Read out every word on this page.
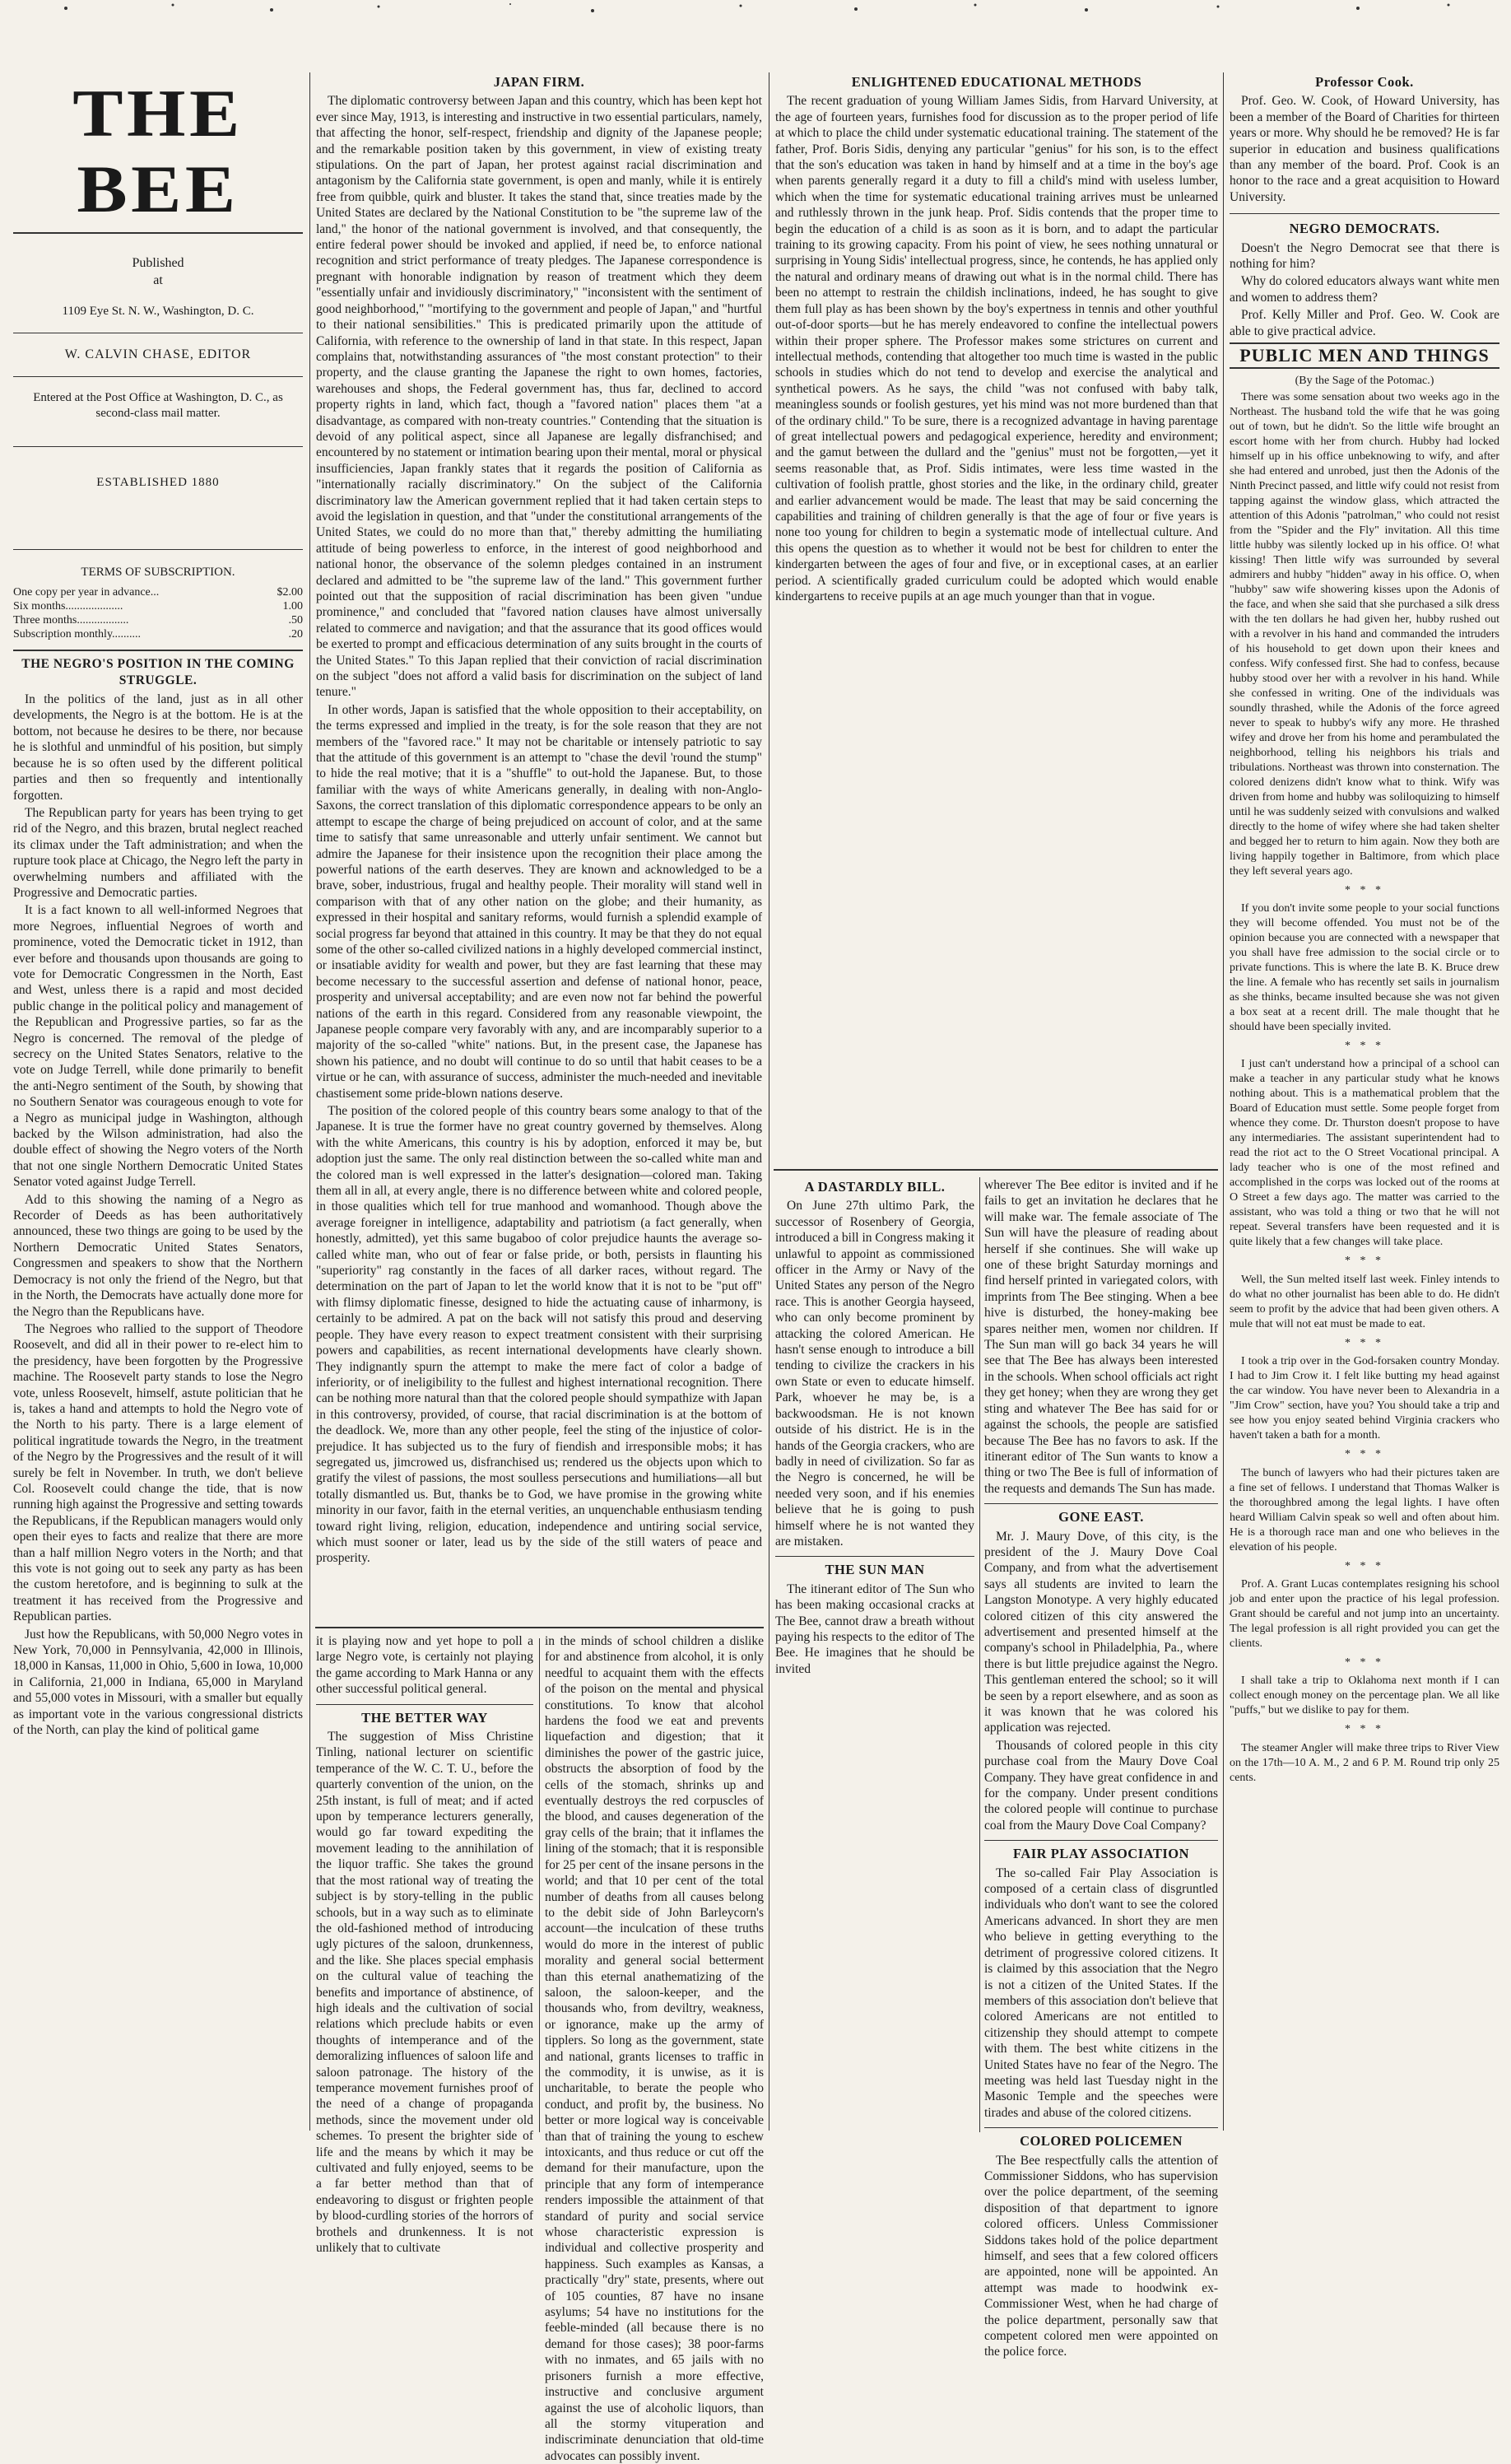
THE BEE

Published

at

1109 Eye St. N. W., Washington, D. C.

W. CALVIN CHASE, EDITOR

Entered at the Post Office at Washington, D. C., as second-class mail matter.

ESTABLISHED 1880

TERMS OF SUBSCRIPTION.

One copy per year in advance...	$2.00
Six months....................	1.00
Three months..................	.50
Subscription monthly..........	.20
THE NEGRO'S POSITION IN THE COMING STRUGGLE.

In the politics of the land, just as in all other developments, the Negro is at the bottom. He is at the bottom, not because he desires to be there, nor because he is slothful and unmindful of his position, but simply because he is so often used by the different political parties and then so frequently and intentionally forgotten.

The Republican party for years has been trying to get rid of the Negro, and this brazen, brutal neglect reached its climax under the Taft administration; and when the rupture took place at Chicago, the Negro left the party in overwhelming numbers and affiliated with the Progressive and Democratic parties.

It is a fact known to all well-informed Negroes that more Negroes, influential Negroes of worth and prominence, voted the Democratic ticket in 1912, than ever before and thousands upon thousands are going to vote for Democratic Congressmen in the North, East and West, unless there is a rapid and most decided public change in the political policy and management of the Republican and Progressive parties, so far as the Negro is concerned. The removal of the pledge of secrecy on the United States Senators, relative to the vote on Judge Terrell, while done primarily to benefit the anti-Negro sentiment of the South, by showing that no Southern Senator was courageous enough to vote for a Negro as municipal judge in Washington, although backed by the Wilson administration, had also the double effect of showing the Negro voters of the North that not one single Northern Democratic United States Senator voted against Judge Terrell.

Add to this showing the naming of a Negro as Recorder of Deeds as has been authoritatively announced, these two things are going to be used by the Northern Democratic United States Senators, Congressmen and speakers to show that the Northern Democracy is not only the friend of the Negro, but that in the North, the Democrats have actually done more for the Negro than the Republicans have.

The Negroes who rallied to the support of Theodore Roosevelt, and did all in their power to re-elect him to the presidency, have been forgotten by the Progressive machine. The Roosevelt party stands to lose the Negro vote, unless Roosevelt, himself, astute politician that he is, takes a hand and attempts to hold the Negro vote of the North to his party. There is a large element of political ingratitude towards the Negro, in the treatment of the Negro by the Progressives and the result of it will surely be felt in November. In truth, we don't believe Col. Roosevelt could change the tide, that is now running high against the Progressive and setting towards the Republicans, if the Republican managers would only open their eyes to facts and realize that there are more than a half million Negro voters in the North; and that this vote is not going out to seek any party as has been the custom heretofore, and is beginning to sulk at the treatment it has received from the Progressive and Republican parties.

Just how the Republicans, with 50,000 Negro votes in New York, 70,000 in Pennsylvania, 42,000 in Illinois, 18,000 in Kansas, 11,000 in Ohio, 5,600 in Iowa, 10,000 in California, 21,000 in Indiana, 65,000 in Maryland and 55,000 votes in Missouri, with a smaller but equally as important vote in the various congressional districts of the North, can play the kind of political game

JAPAN FIRM.

The diplomatic controversy between Japan and this country, which has been kept hot ever since May, 1913, is interesting and instructive in two essential particulars, namely, that affecting the honor, self-respect, friendship and dignity of the Japanese people; and the remarkable position taken by this government, in view of existing treaty stipulations. On the part of Japan, her protest against racial discrimination and antagonism by the California state government, is open and manly, while it is entirely free from quibble, quirk and bluster. It takes the stand that, since treaties made by the United States are declared by the National Constitution to be "the supreme law of the land," the honor of the national government is involved, and that consequently, the entire federal power should be invoked and applied, if need be, to enforce national recognition and strict performance of treaty pledges. The Japanese correspondence is pregnant with honorable indignation by reason of treatment which they deem "essentially unfair and invidiously discriminatory," "inconsistent with the sentiment of good neighborhood," "mortifying to the government and people of Japan," and "hurtful to their national sensibilities." This is predicated primarily upon the attitude of California, with reference to the ownership of land in that state. In this respect, Japan complains that, notwithstanding assurances of "the most constant protection" to their property, and the clause granting the Japanese the right to own homes, factories, warehouses and shops, the Federal government has, thus far, declined to accord property rights in land, which fact, though a "favored nation" places them "at a disadvantage, as compared with non-treaty countries." Contending that the situation is devoid of any political aspect, since all Japanese are legally disfranchised; and encountered by no statement or intimation bearing upon their mental, moral or physical insufficiencies, Japan frankly states that it regards the position of California as "internationally racially discriminatory." On the subject of the California discriminatory law the American government replied that it had taken certain steps to avoid the legislation in question, and that "under the constitutional arrangements of the United States, we could do no more than that," thereby admitting the humiliating attitude of being powerless to enforce, in the interest of good neighborhood and national honor, the observance of the solemn pledges contained in an instrument declared and admitted to be "the supreme law of the land." This government further pointed out that the supposition of racial discrimination has been given "undue prominence," and concluded that "favored nation clauses have almost universally related to commerce and navigation; and that the assurance that its good offices would be exerted to prompt and efficacious determination of any suits brought in the courts of the United States." To this Japan replied that their conviction of racial discrimination on the subject "does not afford a valid basis for discrimination on the subject of land tenure."

In other words, Japan is satisfied that the whole opposition to their acceptability, on the terms expressed and implied in the treaty, is for the sole reason that they are not members of the "favored race." It may not be charitable or intensely patriotic to say that the attitude of this government is an attempt to "chase the devil 'round the stump" to hide the real motive; that it is a "shuffle" to out-hold the Japanese. But, to those familiar with the ways of white Americans generally, in dealing with non-Anglo-Saxons, the correct translation of this diplomatic correspondence appears to be only an attempt to escape the charge of being prejudiced on account of color, and at the same time to satisfy that same unreasonable and utterly unfair sentiment. We cannot but admire the Japanese for their insistence upon the recognition their place among the powerful nations of the earth deserves. They are known and acknowledged to be a brave, sober, industrious, frugal and healthy people. Their morality will stand well in comparison with that of any other nation on the globe; and their humanity, as expressed in their hospital and sanitary reforms, would furnish a splendid example of social progress far beyond that attained in this country. It may be that they do not equal some of the other so-called civilized nations in a highly developed commercial instinct, or insatiable avidity for wealth and power, but they are fast learning that these may become necessary to the successful assertion and defense of national honor, peace, prosperity and universal acceptability; and are even now not far behind the powerful nations of the earth in this regard. Considered from any reasonable viewpoint, the Japanese people compare very favorably with any, and are incomparably superior to a majority of the so-called "white" nations. But, in the present case, the Japanese has shown his patience, and no doubt will continue to do so until that habit ceases to be a virtue or he can, with assurance of success, administer the much-needed and inevitable chastisement some pride-blown nations deserve.

The position of the colored people of this country bears some analogy to that of the Japanese. It is true the former have no great country governed by themselves. Along with the white Americans, this country is his by adoption, enforced it may be, but adoption just the same. The only real distinction between the so-called white man and the colored man is well expressed in the latter's designation—colored man. Taking them all in all, at every angle, there is no difference between white and colored people, in those qualities which tell for true manhood and womanhood. Though above the average foreigner in intelligence, adaptability and patriotism (a fact generally, when honestly, admitted), yet this same bugaboo of color prejudice haunts the average so-called white man, who out of fear or false pride, or both, persists in flaunting his "superiority" rag constantly in the faces of all darker races, without regard. The determination on the part of Japan to let the world know that it is not to be "put off" with flimsy diplomatic finesse, designed to hide the actuating cause of inharmony, is certainly to be admired. A pat on the back will not satisfy this proud and deserving people. They have every reason to expect treatment consistent with their surprising powers and capabilities, as recent international developments have clearly shown. They indignantly spurn the attempt to make the mere fact of color a badge of inferiority, or of ineligibility to the fullest and highest international recognition. There can be nothing more natural than that the colored people should sympathize with Japan in this controversy, provided, of course, that racial discrimination is at the bottom of the deadlock. We, more than any other people, feel the sting of the injustice of color-prejudice. It has subjected us to the fury of fiendish and irresponsible mobs; it has segregated us, jimcrowed us, disfranchised us; rendered us the objects upon which to gratify the vilest of passions, the most soulless persecutions and humiliations—all but totally dismantled us. But, thanks be to God, we have promise in the growing white minority in our favor, faith in the eternal verities, an unquenchable enthusiasm tending toward right living, religion, education, independence and untiring social service, which must sooner or later, lead us by the side of the still waters of peace and prosperity.

it is playing now and yet hope to poll a large Negro vote, is certainly not playing the game according to Mark Hanna or any other successful political general.

THE BETTER WAY

The suggestion of Miss Christine Tinling, national lecturer on scientific temperance of the W. C. T. U., before the quarterly convention of the union, on the 25th instant, is full of meat; and if acted upon by temperance lecturers generally, would go far toward expediting the movement leading to the annihilation of the liquor traffic. She takes the ground that the most rational way of treating the subject is by story-telling in the public schools, but in a way such as to eliminate the old-fashioned method of introducing ugly pictures of the saloon, drunkenness, and the like. She places special emphasis on the cultural value of teaching the benefits and importance of abstinence, of high ideals and the cultivation of social relations which preclude habits or even thoughts of intemperance and of the demoralizing influences of saloon life and saloon patronage. The history of the temperance movement furnishes proof of the need of a change of propaganda methods, since the movement under old schemes. To present the brighter side of life and the means by which it may be cultivated and fully enjoyed, seems to be a far better method than that of endeavoring to disgust or frighten people by blood-curdling stories of the horrors of brothels and drunkenness. It is not unlikely that to cultivate

in the minds of school children a dislike for and abstinence from alcohol, it is only needful to acquaint them with the effects of the poison on the mental and physical constitutions. To know that alcohol hardens the food we eat and prevents liquefaction and digestion; that it diminishes the power of the gastric juice, obstructs the absorption of food by the cells of the stomach, shrinks up and eventually destroys the red corpuscles of the blood, and causes degeneration of the gray cells of the brain; that it inflames the lining of the stomach; that it is responsible for 25 per cent of the insane persons in the world; and that 10 per cent of the total number of deaths from all causes belong to the debit side of John Barleycorn's account—the inculcation of these truths would do more in the interest of public morality and general social betterment than this eternal anathematizing of the saloon, the saloon-keeper, and the thousands who, from deviltry, weakness, or ignorance, make up the army of tipplers. So long as the government, state and national, grants licenses to traffic in the commodity, it is unwise, as it is uncharitable, to berate the people who conduct, and profit by, the business. No better or more logical way is conceivable than that of training the young to eschew intoxicants, and thus reduce or cut off the demand for their manufacture, upon the principle that any form of intemperance renders impossible the attainment of that standard of purity and social service whose characteristic expression is individual and collective prosperity and happiness. Such examples as Kansas, a practically "dry" state, presents, where out of 105 counties, 87 have no insane asylums; 54 have no institutions for the feeble-minded (all because there is no demand for those cases); 38 poor-farms with no inmates, and 65 jails with no prisoners furnish a more effective, instructive and conclusive argument against the use of alcoholic liquors, than all the stormy vituperation and indiscriminate denunciation that old-time advocates can possibly invent.

ENLIGHTENED EDUCATIONAL METHODS

The recent graduation of young William James Sidis, from Harvard University, at the age of fourteen years, furnishes food for discussion as to the proper period of life at which to place the child under systematic educational training. The statement of the father, Prof. Boris Sidis, denying any particular "genius" for his son, is to the effect that the son's education was taken in hand by himself and at a time in the boy's age when parents generally regard it a duty to fill a child's mind with useless lumber, which when the time for systematic educational training arrives must be unlearned and ruthlessly thrown in the junk heap. Prof. Sidis contends that the proper time to begin the education of a child is as soon as it is born, and to adapt the particular training to its growing capacity. From his point of view, he sees nothing unnatural or surprising in Young Sidis' intellectual progress, since, he contends, he has applied only the natural and ordinary means of drawing out what is in the normal child. There has been no attempt to restrain the childish inclinations, indeed, he has sought to give them full play as has been shown by the boy's expertness in tennis and other youthful out-of-door sports—but he has merely endeavored to confine the intellectual powers within their proper sphere. The Professor makes some strictures on current and intellectual methods, contending that altogether too much time is wasted in the public schools in studies which do not tend to develop and exercise the analytical and synthetical powers. As he says, the child "was not confused with baby talk, meaningless sounds or foolish gestures, yet his mind was not more burdened than that of the ordinary child." To be sure, there is a recognized advantage in having parentage of great intellectual powers and pedagogical experience, heredity and environment; and the gamut between the dullard and the "genius" must not be forgotten,—yet it seems reasonable that, as Prof. Sidis intimates, were less time wasted in the cultivation of foolish prattle, ghost stories and the like, in the ordinary child, greater and earlier advancement would be made. The least that may be said concerning the capabilities and training of children generally is that the age of four or five years is none too young for children to begin a systematic mode of intellectual culture. And this opens the question as to whether it would not be best for children to enter the kindergarten between the ages of four and five, or in exceptional cases, at an earlier period. A scientifically graded curriculum could be adopted which would enable kindergartens to receive pupils at an age much younger than that in vogue.

A DASTARDLY BILL.

On June 27th ultimo Park, the successor of Rosenbery of Georgia, introduced a bill in Congress making it unlawful to appoint as commissioned officer in the Army or Navy of the United States any person of the Negro race. This is another Georgia hayseed, who can only become prominent by attacking the colored American. He hasn't sense enough to introduce a bill tending to civilize the crackers in his own State or even to educate himself. Park, whoever he may be, is a backwoodsman. He is not known outside of his district. He is in the hands of the Georgia crackers, who are badly in need of civilization. So far as the Negro is concerned, he will be needed very soon, and if his enemies believe that he is going to push himself where he is not wanted they are mistaken.

THE SUN MAN

The itinerant editor of The Sun who has been making occasional cracks at The Bee, cannot draw a breath without paying his respects to the editor of The Bee. He imagines that he should be invited

wherever The Bee editor is invited and if he fails to get an invitation he declares that he will make war. The female associate of The Sun will have the pleasure of reading about herself if she continues. She will wake up one of these bright Saturday mornings and find herself printed in variegated colors, with imprints from The Bee stinging. When a bee hive is disturbed, the honey-making bee spares neither men, women nor children. If The Sun man will go back 34 years he will see that The Bee has always been interested in the schools. When school officials act right they get honey; when they are wrong they get sting and whatever The Bee has said for or against the schools, the people are satisfied because The Bee has no favors to ask. If the itinerant editor of The Sun wants to know a thing or two The Bee is full of information of the requests and demands The Sun has made.

GONE EAST.

Mr. J. Maury Dove, of this city, is the president of the J. Maury Dove Coal Company, and from what the advertisement says all students are invited to learn the Langston Monotype. A very highly educated colored citizen of this city answered the advertisement and presented himself at the company's school in Philadelphia, Pa., where there is but little prejudice against the Negro. This gentleman entered the school; so it will be seen by a report elsewhere, and as soon as it was known that he was colored his application was rejected.

Thousands of colored people in this city purchase coal from the Maury Dove Coal Company. They have great confidence in and for the company. Under present conditions the colored people will continue to purchase coal from the Maury Dove Coal Company?

FAIR PLAY ASSOCIATION

The so-called Fair Play Association is composed of a certain class of disgruntled individuals who don't want to see the colored Americans advanced. In short they are men who believe in getting everything to the detriment of progressive colored citizens. It is claimed by this association that the Negro is not a citizen of the United States. If the members of this association don't believe that colored Americans are not entitled to citizenship they should attempt to compete with them. The best white citizens in the United States have no fear of the Negro. The meeting was held last Tuesday night in the Masonic Temple and the speeches were tirades and abuse of the colored citizens.

COLORED POLICEMEN

The Bee respectfully calls the attention of Commissioner Siddons, who has supervision over the police department, of the seeming disposition of that department to ignore colored officers. Unless Commissioner Siddons takes hold of the police department himself, and sees that a few colored officers are appointed, none will be appointed. An attempt was made to hoodwink ex-Commissioner West, when he had charge of the police department, personally saw that competent colored men were appointed on the police force.

Professor Cook.

Prof. Geo. W. Cook, of Howard University, has been a member of the Board of Charities for thirteen years or more. Why should he be removed? He is far superior in education and business qualifications than any member of the board. Prof. Cook is an honor to the race and a great acquisition to Howard University.

NEGRO DEMOCRATS.

Doesn't the Negro Democrat see that there is nothing for him?

Why do colored educators always want white men and women to address them?

Prof. Kelly Miller and Prof. Geo. W. Cook are able to give practical advice.

PUBLIC MEN AND THINGS

(By the Sage of the Potomac.)

There was some sensation about two weeks ago in the Northeast. The husband told the wife that he was going out of town, but he didn't. So the little wife brought an escort home with her from church. Hubby had locked himself up in his office unbeknowing to wify, and after she had entered and unrobed, just then the Adonis of the Ninth Precinct passed, and little wify could not resist from tapping against the window glass, which attracted the attention of this Adonis "patrolman," who could not resist from the "Spider and the Fly" invitation. All this time little hubby was silently locked up in his office. O! what kissing! Then little wify was surrounded by several admirers and hubby "hidden" away in his office. O, when "hubby" saw wife showering kisses upon the Adonis of the face, and when she said that she purchased a silk dress with the ten dollars he had given her, hubby rushed out with a revolver in his hand and commanded the intruders of his household to get down upon their knees and confess. Wify confessed first. She had to confess, because hubby stood over her with a revolver in his hand. While she confessed in writing. One of the individuals was soundly thrashed, while the Adonis of the force agreed never to speak to hubby's wify any more. He thrashed wifey and drove her from his home and perambulated the neighborhood, telling his neighbors his trials and tribulations. Northeast was thrown into consternation. The colored denizens didn't know what to think. Wify was driven from home and hubby was soliloquizing to himself until he was suddenly seized with convulsions and walked directly to the home of wifey where she had taken shelter and begged her to return to him again. Now they both are living happily together in Baltimore, from which place they left several years ago.

* * *

If you don't invite some people to your social functions they will become offended. You must not be of the opinion because you are connected with a newspaper that you shall have free admission to the social circle or to private functions. This is where the late B. K. Bruce drew the line. A female who has recently set sails in journalism as she thinks, became insulted because she was not given a box seat at a recent drill. The male thought that he should have been specially invited.

* * *

I just can't understand how a principal of a school can make a teacher in any particular study what he knows nothing about. This is a mathematical problem that the Board of Education must settle. Some people forget from whence they come. Dr. Thurston doesn't propose to have any intermediaries. The assistant superintendent had to read the riot act to the O Street Vocational principal. A lady teacher who is one of the most refined and accomplished in the corps was locked out of the rooms at O Street a few days ago. The matter was carried to the assistant, who was told a thing or two that he will not repeat. Several transfers have been requested and it is quite likely that a few changes will take place.

* * *

Well, the Sun melted itself last week. Finley intends to do what no other journalist has been able to do. He didn't seem to profit by the advice that had been given others. A mule that will not eat must be made to eat.

* * *

I took a trip over in the God-forsaken country Monday. I had to Jim Crow it. I felt like butting my head against the car window. You have never been to Alexandria in a "Jim Crow" section, have you? You should take a trip and see how you enjoy seated behind Virginia crackers who haven't taken a bath for a month.

* * *

The bunch of lawyers who had their pictures taken are a fine set of fellows. I understand that Thomas Walker is the thoroughbred among the legal lights. I have often heard William Calvin speak so well and often about him. He is a thorough race man and one who believes in the elevation of his people.

* * *

Prof. A. Grant Lucas contemplates resigning his school job and enter upon the practice of his legal profession. Grant should be careful and not jump into an uncertainty. The legal profession is all right provided you can get the clients.

* * *

I shall take a trip to Oklahoma next month if I can collect enough money on the percentage plan. We all like "puffs," but we dislike to pay for them.

* * *

The steamer Angler will make three trips to River View on the 17th—10 A. M., 2 and 6 P. M. Round trip only 25 cents.
